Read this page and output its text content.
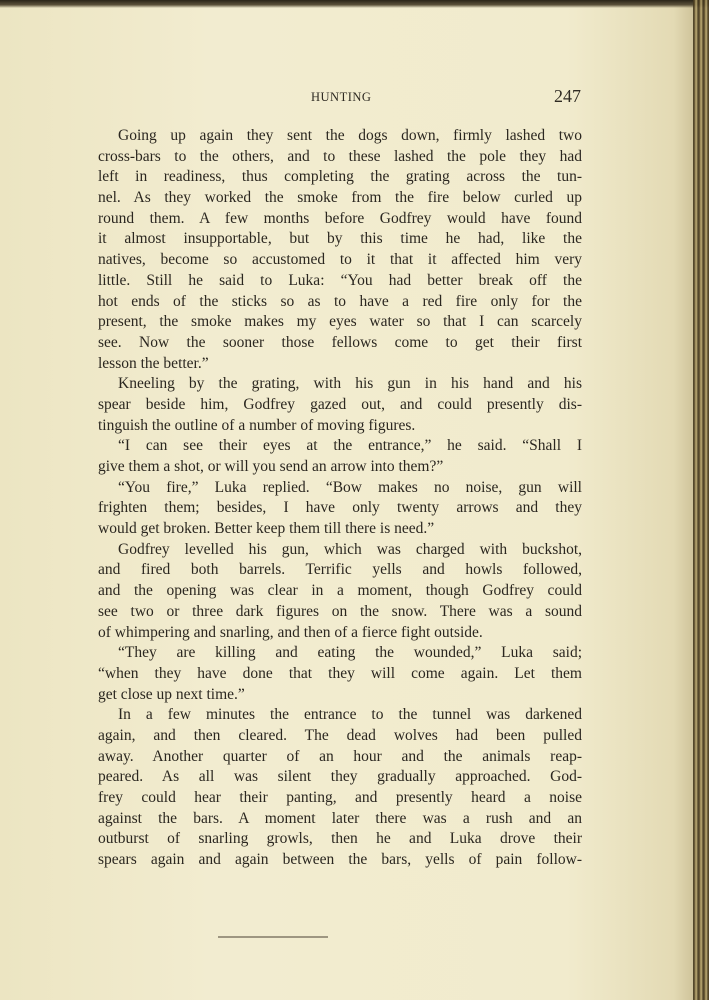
HUNTING	247
Going up again they sent the dogs down, firmly lashed two
cross-bars to the others, and to these lashed the pole they had
left in readiness, thus completing the grating across the tun-
nel. As they worked the smoke from the fire below curled up
round them. A few months before Godfrey would have found
it almost insupportable, but by this time he had, like the
natives, become so accustomed to it that it affected him very
little. Still he said to Luka: “You had better break off the
hot ends of the sticks so as to have a red fire only for the
present, the smoke makes my eyes water so that I can scarcely
see. Now the sooner those fellows come to get their first
lesson the better.”
Kneeling by the grating, with his gun in his hand and his
spear beside him, Godfrey gazed out, and could presently dis-
tinguish the outline of a number of moving figures.
“I can see their eyes at the entrance,” he said. “Shall I
give them a shot, or will you send an arrow into them?”
“You fire,” Luka replied. “Bow makes no noise, gun will
frighten them; besides, I have only twenty arrows and they
would get broken. Better keep them till there is need.”
Godfrey levelled his gun, which was charged with buckshot,
and fired both barrels. Terrific yells and howls followed,
and the opening was clear in a moment, though Godfrey could
see two or three dark figures on the snow. There was a sound
of whimpering and snarling, and then of a fierce fight outside.
“They are killing and eating the wounded,” Luka said;
“when they have done that they will come again. Let them
get close up next time.”
In a few minutes the entrance to the tunnel was darkened
again, and then cleared. The dead wolves had been pulled
away. Another quarter of an hour and the animals reap-
peared. As all was silent they gradually approached. God-
frey could hear their panting, and presently heard a noise
against the bars. A moment later there was a rush and an
outburst of snarling growls, then he and Luka drove their
spears again and again between the bars, yells of pain follow-
